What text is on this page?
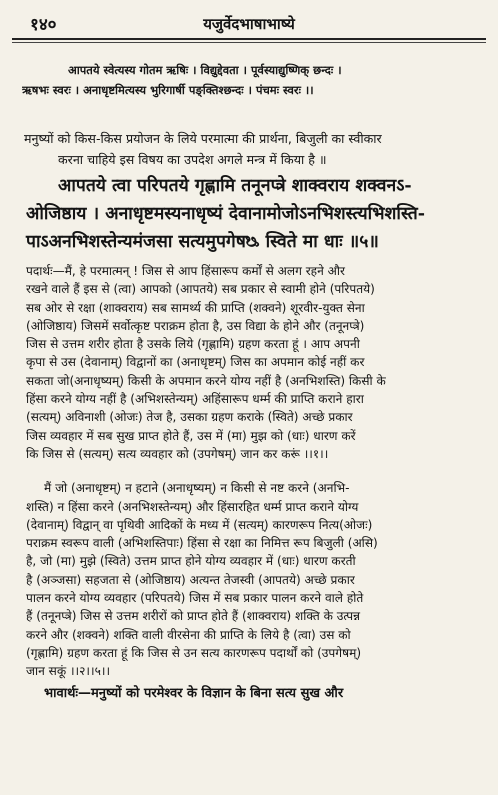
१४०	यजुर्वेदभाषाभाष्ये
आपतये स्वेत्यस्य गोतम ऋषिः । विद्युद्देवता । पूर्वस्याद्युष्णिक् छन्दः ।
ऋषभः स्वरः । अनाधृष्टमित्यस्य भुरिगार्षी पङ्क्तिश्छन्दः । पंचमः स्वरः ।।
मनुष्यों को किस-किस प्रयोजन के लिये परमात्मा की प्रार्थना, बिजुली का स्वीकार
करना चाहिये इस विषय का उपदेश अगले मन्त्र में किया है ॥
आपतये त्वा परिपतये गृह्णामि तनूनप्त्रे शाक्वराय शक्वनऽ-
ओजिष्ठाय । अनाधृष्टमस्यनाधृष्यं देवानामोजोऽनभिशस्त्यभिशस्ति-
पाऽअनभिशस्तेन्यमंजसा सत्यमुपगेषᳬ स्विते मा धाः ॥५॥
पदार्थः—मैं, हे परमात्मन् ! जिस से आप हिंसारूप कर्मों से अलग रहने और
रखने वाले हैं इस से (त्वा) आपको (आपतये) सब प्रकार से स्वामी होने (परिपतये)
सब ओर से रक्षा (शाक्वराय) सब सामर्थ्य की प्राप्ति (शक्वने) शूरवीर-युक्त सेना
(ओजिष्ठाय) जिसमें सर्वोत्कृष्ट पराक्रम होता है, उस विद्या के होने और (तनूनप्त्रे)
जिस से उत्तम शरीर होता है उसके लिये (गृह्णामि) ग्रहण करता हूं । आप अपनी
कृपा से उस (देवानाम्) विद्वानों का (अनाधृष्टम्) जिस का अपमान कोई नहीं कर
सकता जो(अनाधृष्यम्) किसी के अपमान करने योग्य नहीं है (अनभिशस्ति) किसी के
हिंसा करने योग्य नहीं है (अभिशस्तेन्यम्) अहिंसारूप धर्म्म की प्राप्ति कराने हारा
(सत्यम्) अविनाशी (ओजः) तेज है, उसका ग्रहण कराके (स्विते) अच्छे प्रकार
जिस व्यवहार में सब सुख प्राप्त होते हैं, उस में (मा) मुझ को (धाः) धारण करें
कि जिस से (सत्यम्) सत्य व्यवहार को (उपगेषम्) जान कर करूं ।।१।।
मैं जो (अनाधृष्टम्) न हटाने (अनाधृष्यम्) न किसी से नष्ट करने (अनभि-
शस्ति) न हिंसा करने (अनभिशस्तेन्यम्) और हिंसारहित धर्म्म प्राप्त कराने योग्य
(देवानाम्) विद्वान् वा पृथिवी आदिकों के मध्य में (सत्यम्) कारणरूप नित्य(ओजः)
पराक्रम स्वरूप वाली (अभिशस्तिपाः) हिंसा से रक्षा का निमित्त रूप बिजुली (असि)
है, जो (मा) मुझे (स्विते) उत्तम प्राप्त होने योग्य व्यवहार में (धाः) धारण करती
है (अञ्जसा) सहजता से (ओजिष्ठाय) अत्यन्त तेजस्वी (आपतये) अच्छे प्रकार
पालन करने योग्य व्यवहार (परिपतये) जिस में सब प्रकार पालन करने वाले होते
हैं (तनूनप्त्रे) जिस से उत्तम शरीरों को प्राप्त होते हैं (शाक्वराय) शक्ति के उत्पन्न
करने और (शक्वने) शक्ति वाली वीरसेना की प्राप्ति के लिये है (त्वा) उस को
(गृह्णामि) ग्रहण करता हूं कि जिस से उन सत्य कारणरूप पदार्थों को (उपगेषम्)
जान सकूं ।।२।।५।।
भावार्थः—मनुष्यों को परमेश्वर के विज्ञान के बिना सत्य सुख और
